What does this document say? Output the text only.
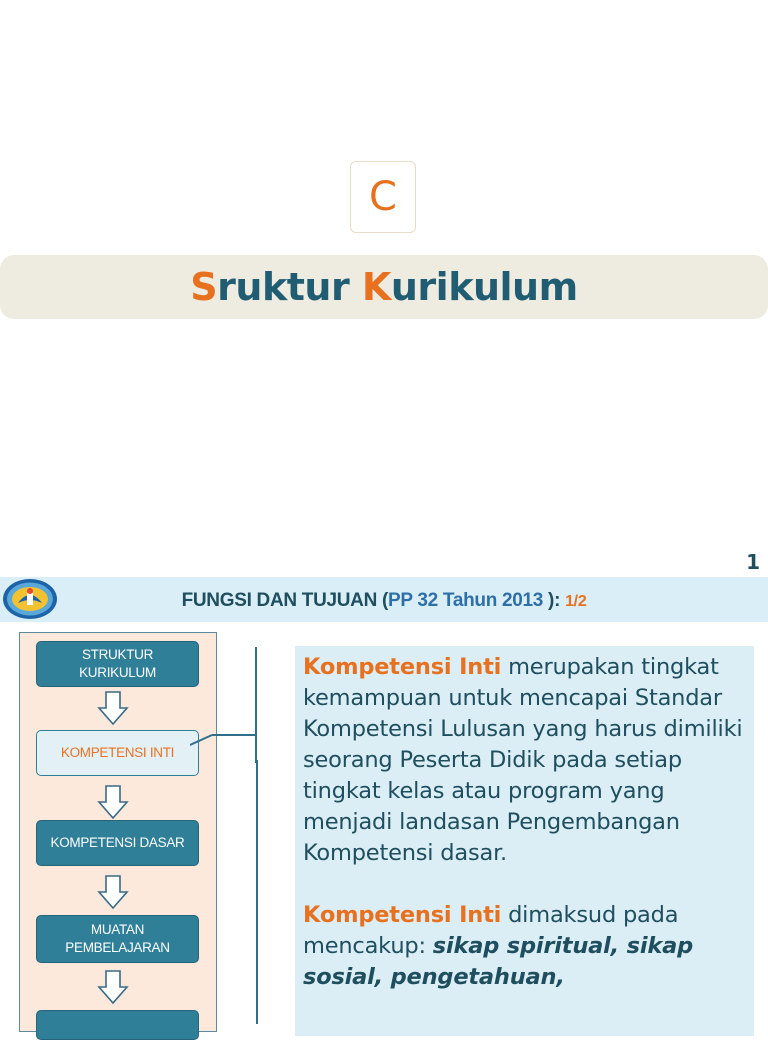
C
S ruktur K urikulum
1
FUNGSI DAN TUJUAN (PP 32 Tahun 2013 ): 1/2
STRUKTUR
KURIKULUM
KOMPETENSI INTI
KOMPETENSI DASAR
MUATAN
PEMBELAJARAN

Kompetensi Inti merupakan tingkat kemampuan untuk mencapai Standar Kompetensi Lulusan yang harus dimiliki seorang Peserta Didik pada setiap tingkat kelas atau program yang menjadi landasan Pengembangan Kompetensi dasar.

Kompetensi Inti dimaksud pada mencakup: sikap spiritual, sikap sosial, pengetahuan,
